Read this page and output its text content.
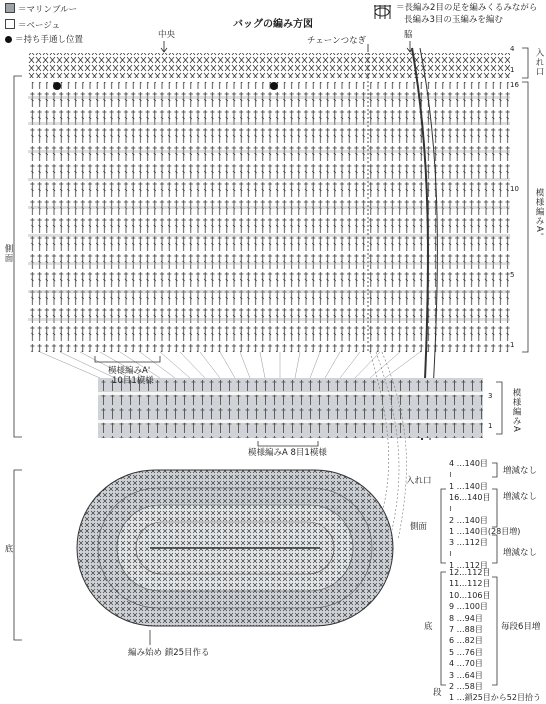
＝マリンブルー
＝ベージュ
＝持ち手通し位置
バッグの編み方図
＝長編み2目の足を編みくるみながら
長編み3目の玉編みを編む
中央
チェーンつなぎ
脇
入れ口
4
1
16
10
5
1
模様編みA'
側面
模様編みA'
10目1模様
3
1 模様編みA
模様編みA 8目1模様
底
編み始め 鎖25目作る
入れ口
4 …140目
≀
1 …140目
増減なし
側面
16…140目
≀
2 …140目
1 …140目(28目増)
増減なし
3 …112目
≀
1 …112目
増減なし
底
12…112目
11…112目
10…106目
9 …100目
8 …94目
7 …88目
6 …82目
5 …76目
4 …70目
3 …64目
2 …58目
1 …鎖25目から52目拾う
毎段6目増
段
